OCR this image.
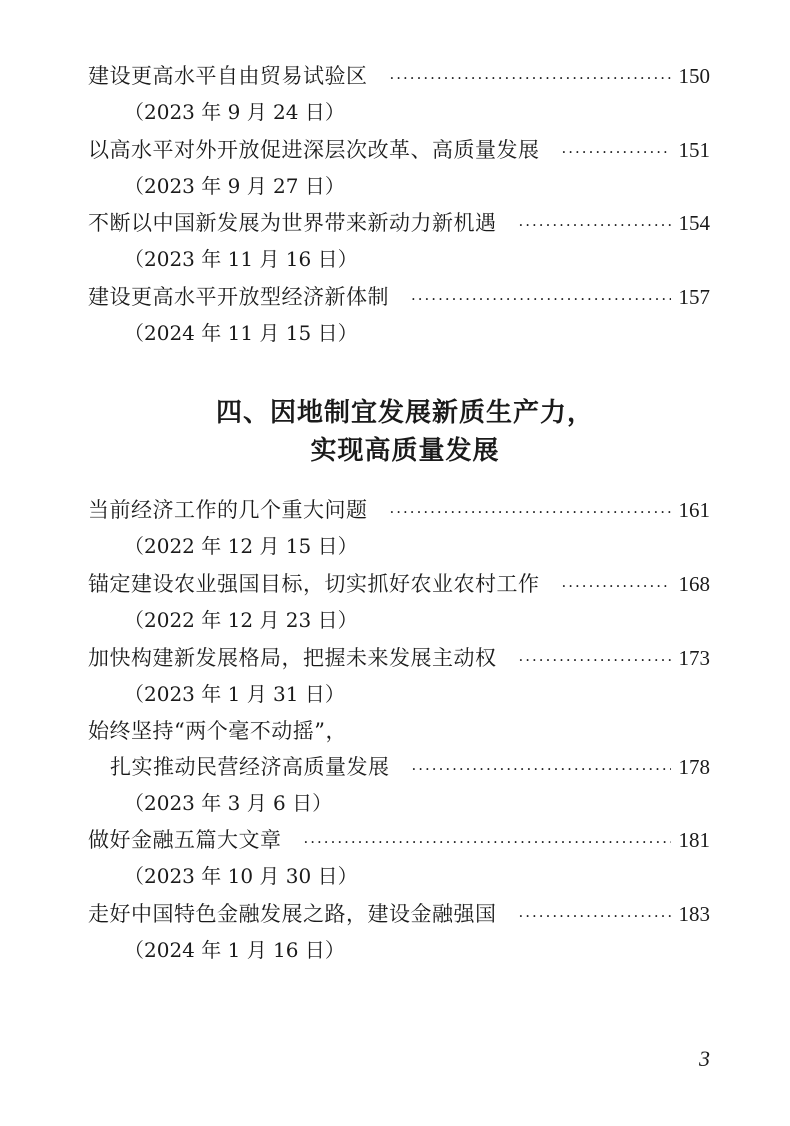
建设更高水平自由贸易试验区 ·····	150
（2023 年 9 月 24 日）
以高水平对外开放促进深层次改革、高质量发展 ·····	151
（2023 年 9 月 27 日）
不断以中国新发展为世界带来新动力新机遇 ·····	154
（2023 年 11 月 16 日）
建设更高水平开放型经济新体制 ·····	157
（2024 年 11 月 15 日）
四、因地制宜发展新质生产力，
实现高质量发展
当前经济工作的几个重大问题 ·····	161
（2022 年 12 月 15 日）
锚定建设农业强国目标，切实抓好农业农村工作 ·····	168
（2022 年 12 月 23 日）
加快构建新发展格局，把握未来发展主动权 ·····	173
（2023 年 1 月 31 日）
始终坚持“两个毫不动摇”，
扎实推动民营经济高质量发展 ·····	178
（2023 年 3 月 6 日）
做好金融五篇大文章 ·····	181
（2023 年 10 月 30 日）
走好中国特色金融发展之路，建设金融强国 ·····	183
（2024 年 1 月 16 日）
3
